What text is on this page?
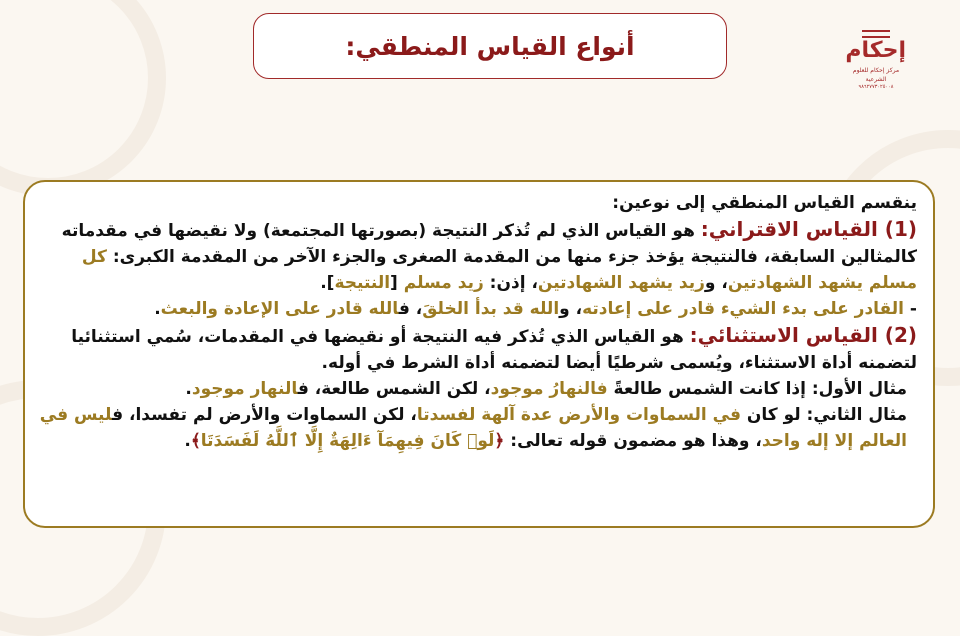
أنواع القياس المنطقي:	إحكام
مركز إحكام للعلوم الشرعية
٩٨٦٢٧٧٣٠٢٥٠٠٨

ينقسم القياس المنطقي إلى نوعين:

(1) القياس الاقتراني: هو القياس الذي لم تُذكر النتيجة (بصورتها المجتمعة) ولا نقيضها في مقدماته كالمثالين السابقة، فالنتيجة يؤخذ جزء منها من المقدمة الصغرى والجزء الآخر من المقدمة الكبرى: كل مسلم يشهد الشهادتين، وزيد يشهد الشهادتين، إذن: زيد مسلم [النتيجة].

- القادر على بدء الشيء قادر على إعادته، والله قد بدأ الخلقَ، فالله قادر على الإعادة والبعث.

(2) القياس الاستثنائي: هو القياس الذي تُذكر فيه النتيجة أو نقيضها في المقدمات، سُمي استثنائيا لتضمنه أداة الاستثناء، ويُسمى شرطيًا أيضا لتضمنه أداة الشرط في أوله.

مثال الأول: إذا كانت الشمس طالعةً فالنهارُ موجود، لكن الشمس طالعة، فالنهار موجود.

مثال الثاني: لو كان في السماوات والأرض عدة آلهة لفسدتا، لكن السماوات والأرض لم تفسدا، فليس في العالم إلا إله واحد، وهذا هو مضمون قوله تعالى: ﴿لَوۡ كَانَ فِيهِمَآ ءَالِهَةٌ إِلَّا ٱللَّهُ لَفَسَدَتَا﴾.
